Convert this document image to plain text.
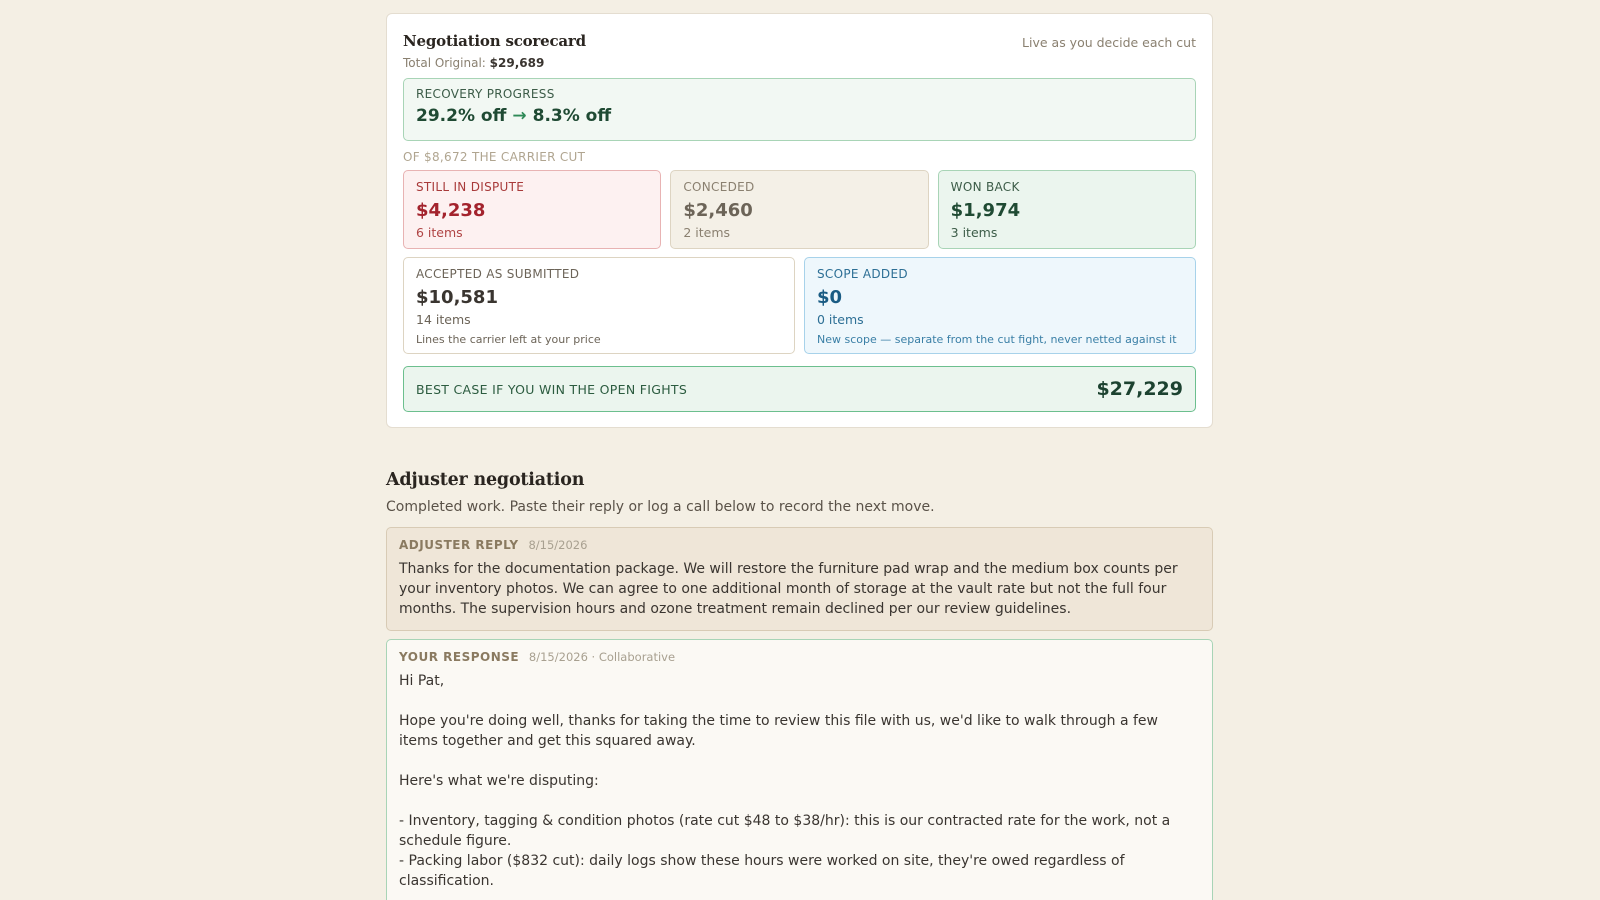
Negotiation scorecard	Live as you decide each cut
Total Original: $29,689
RECOVERY PROGRESS
29.2% off → 8.3% off
OF $8,672 THE CARRIER CUT
STILL IN DISPUTE
$4,238
6 items
CONCEDED
$2,460
2 items
WON BACK
$1,974
3 items
ACCEPTED AS SUBMITTED
$10,581
14 items
Lines the carrier left at your price
SCOPE ADDED
$0
0 items
New scope — separate from the cut fight, never netted against it
BEST CASE IF YOU WIN THE OPEN FIGHTS	$27,229
Adjuster negotiation

Completed work. Paste their reply or log a call below to record the next move.

ADJUSTER REPLY 8/15/2026
Thanks for the documentation package. We will restore the furniture pad wrap and the medium box counts per your inventory photos. We can agree to one additional month of storage at the vault rate but not the full four months. The supervision hours and ozone treatment remain declined per our review guidelines.
YOUR RESPONSE 8/15/2026 · Collaborative
Hi Pat,

Hope you're doing well, thanks for taking the time to review this file with us, we'd like to walk through a few items together and get this squared away.

Here's what we're disputing:

- Inventory, tagging & condition photos (rate cut $48 to $38/hr): this is our contracted rate for the work, not a schedule figure.
- Packing labor ($832 cut): daily logs show these hours were worked on site, they're owed regardless of classification.
